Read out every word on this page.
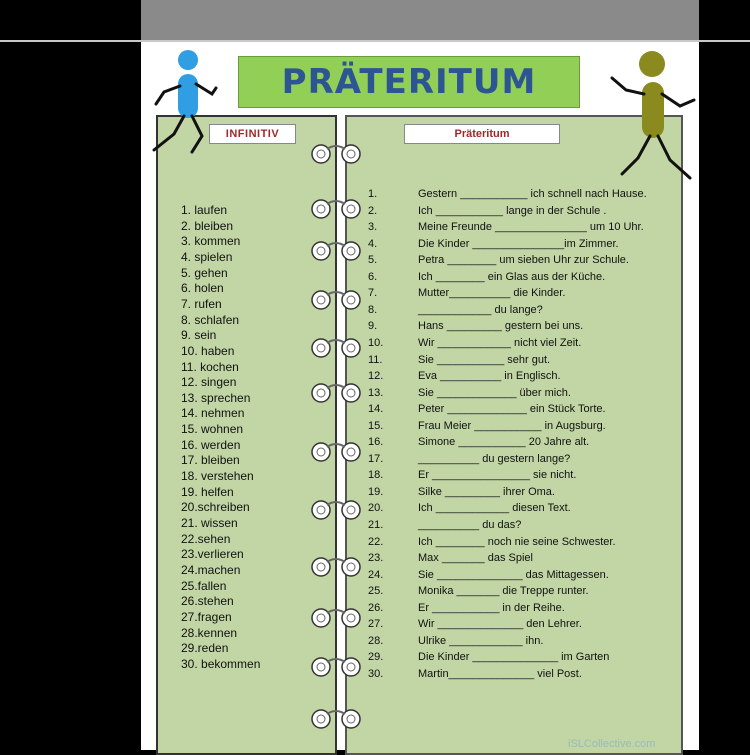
PRÄTERITUM
INFINITIV	Präteritum
1. laufen
2. bleiben
3. kommen
4. spielen
5. gehen
6. holen
7. rufen
8. schlafen
9. sein
10. haben
11. kochen
12. singen
13. sprechen
14. nehmen
15. wohnen
16. werden
17. bleiben
18. verstehen
19. helfen
20.schreiben
21. wissen
22.sehen
23.verlieren
24.machen
25.fallen
26.stehen
27.fragen
28.kennen
29.reden
30. bekommen
1.	Gestern ___________ ich schnell nach Hause.
2.	Ich ___________ lange in der Schule .
3.	Meine Freunde _______________ um 10 Uhr.
4.	Die Kinder _______________im Zimmer.
5.	Petra ________ um sieben Uhr zur Schule.
6.	Ich ________ ein Glas aus der Küche.
7.	Mutter__________ die Kinder.
8.	____________ du lange?
9.	Hans _________ gestern bei uns.
10.	Wir ____________ nicht viel Zeit.
11.	Sie ___________ sehr gut.
12.	Eva __________ in Englisch.
13.	Sie _____________ über mich.
14.	Peter _____________ ein Stück Torte.
15.	Frau Meier ___________ in Augsburg.
16.	Simone ___________ 20 Jahre alt.
17.	__________ du gestern lange?
18.	Er ________________ sie nicht.
19.	Silke _________ ihrer Oma.
20.	Ich ____________ diesen Text.
21.	__________ du das?
22.	Ich ________ noch nie seine Schwester.
23.	Max _______ das Spiel
24.	Sie ______________ das Mittagessen.
25.	Monika _______ die Treppe runter.
26.	Er ___________ in der Reihe.
27.	Wir ______________ den Lehrer.
28.	Ulrike ____________ ihn.
29.	Die Kinder ______________ im Garten
30.	Martin______________ viel Post.
iSLCollective.com
